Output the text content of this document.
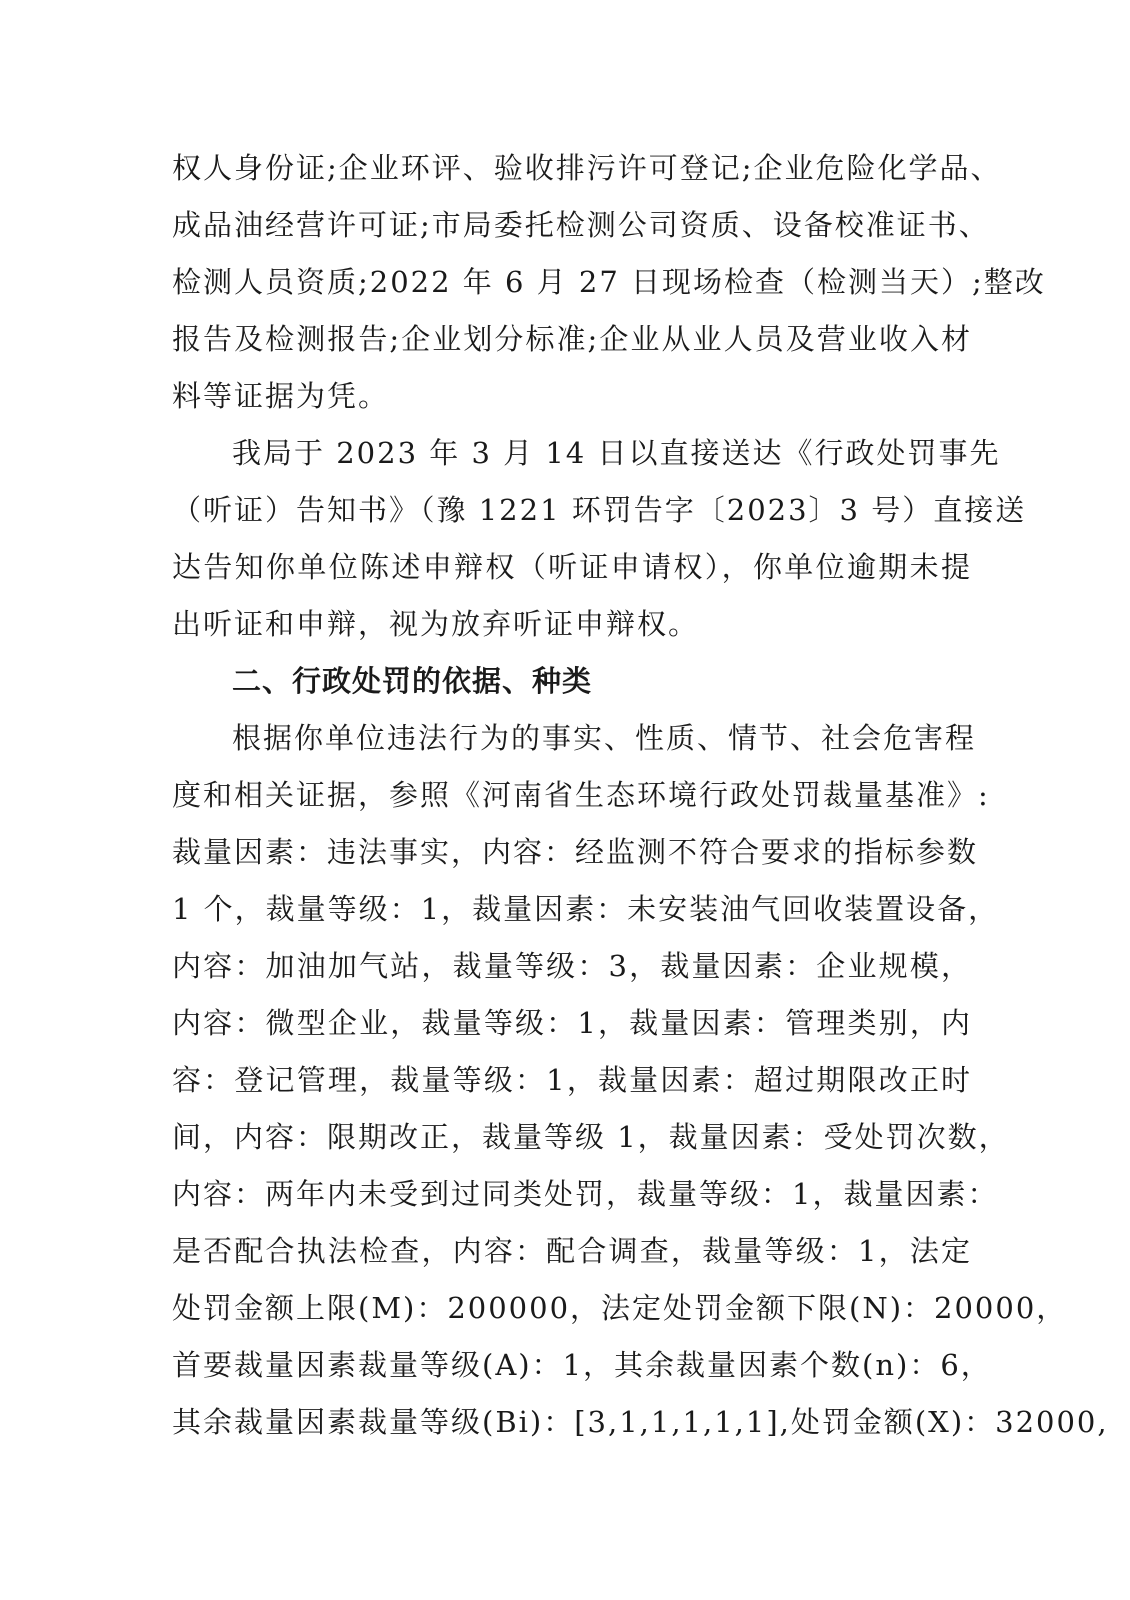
权人身份证;企业环评、验收排污许可登记;企业危险化学品、
成品油经营许可证;市局委托检测公司资质、设备校准证书、
检测人员资质;2022 年 6 月 27 日现场检查（检测当天）;整改
报告及检测报告;企业划分标准;企业从业人员及营业收入材
料等证据为凭。
我局于 2023 年 3 月 14 日以直接送达《行政处罚事先
（听证）告知书》（豫 1221 环罚告字〔2023〕3 号）直接送
达告知你单位陈述申辩权（听证申请权），你单位逾期未提
出听证和申辩，视为放弃听证申辩权。
二、行政处罚的依据、种类
根据你单位违法行为的事实、性质、情节、社会危害程
度和相关证据，参照《河南省生态环境行政处罚裁量基准》:
裁量因素：违法事实，内容：经监测不符合要求的指标参数
1 个，裁量等级：1，裁量因素：未安装油气回收装置设备，
内容：加油加气站，裁量等级：3，裁量因素：企业规模，
内容：微型企业，裁量等级：1，裁量因素：管理类别，内
容：登记管理，裁量等级：1，裁量因素：超过期限改正时
间，内容：限期改正，裁量等级 1，裁量因素：受处罚次数，
内容：两年内未受到过同类处罚，裁量等级：1，裁量因素：
是否配合执法检查，内容：配合调查，裁量等级：1，法定
处罚金额上限(M)：200000，法定处罚金额下限(N)：20000，
首要裁量因素裁量等级(A)：1，其余裁量因素个数(n)：6，
其余裁量因素裁量等级(Bi)：[3,1,1,1,1,1],处罚金额(X)：32000,
